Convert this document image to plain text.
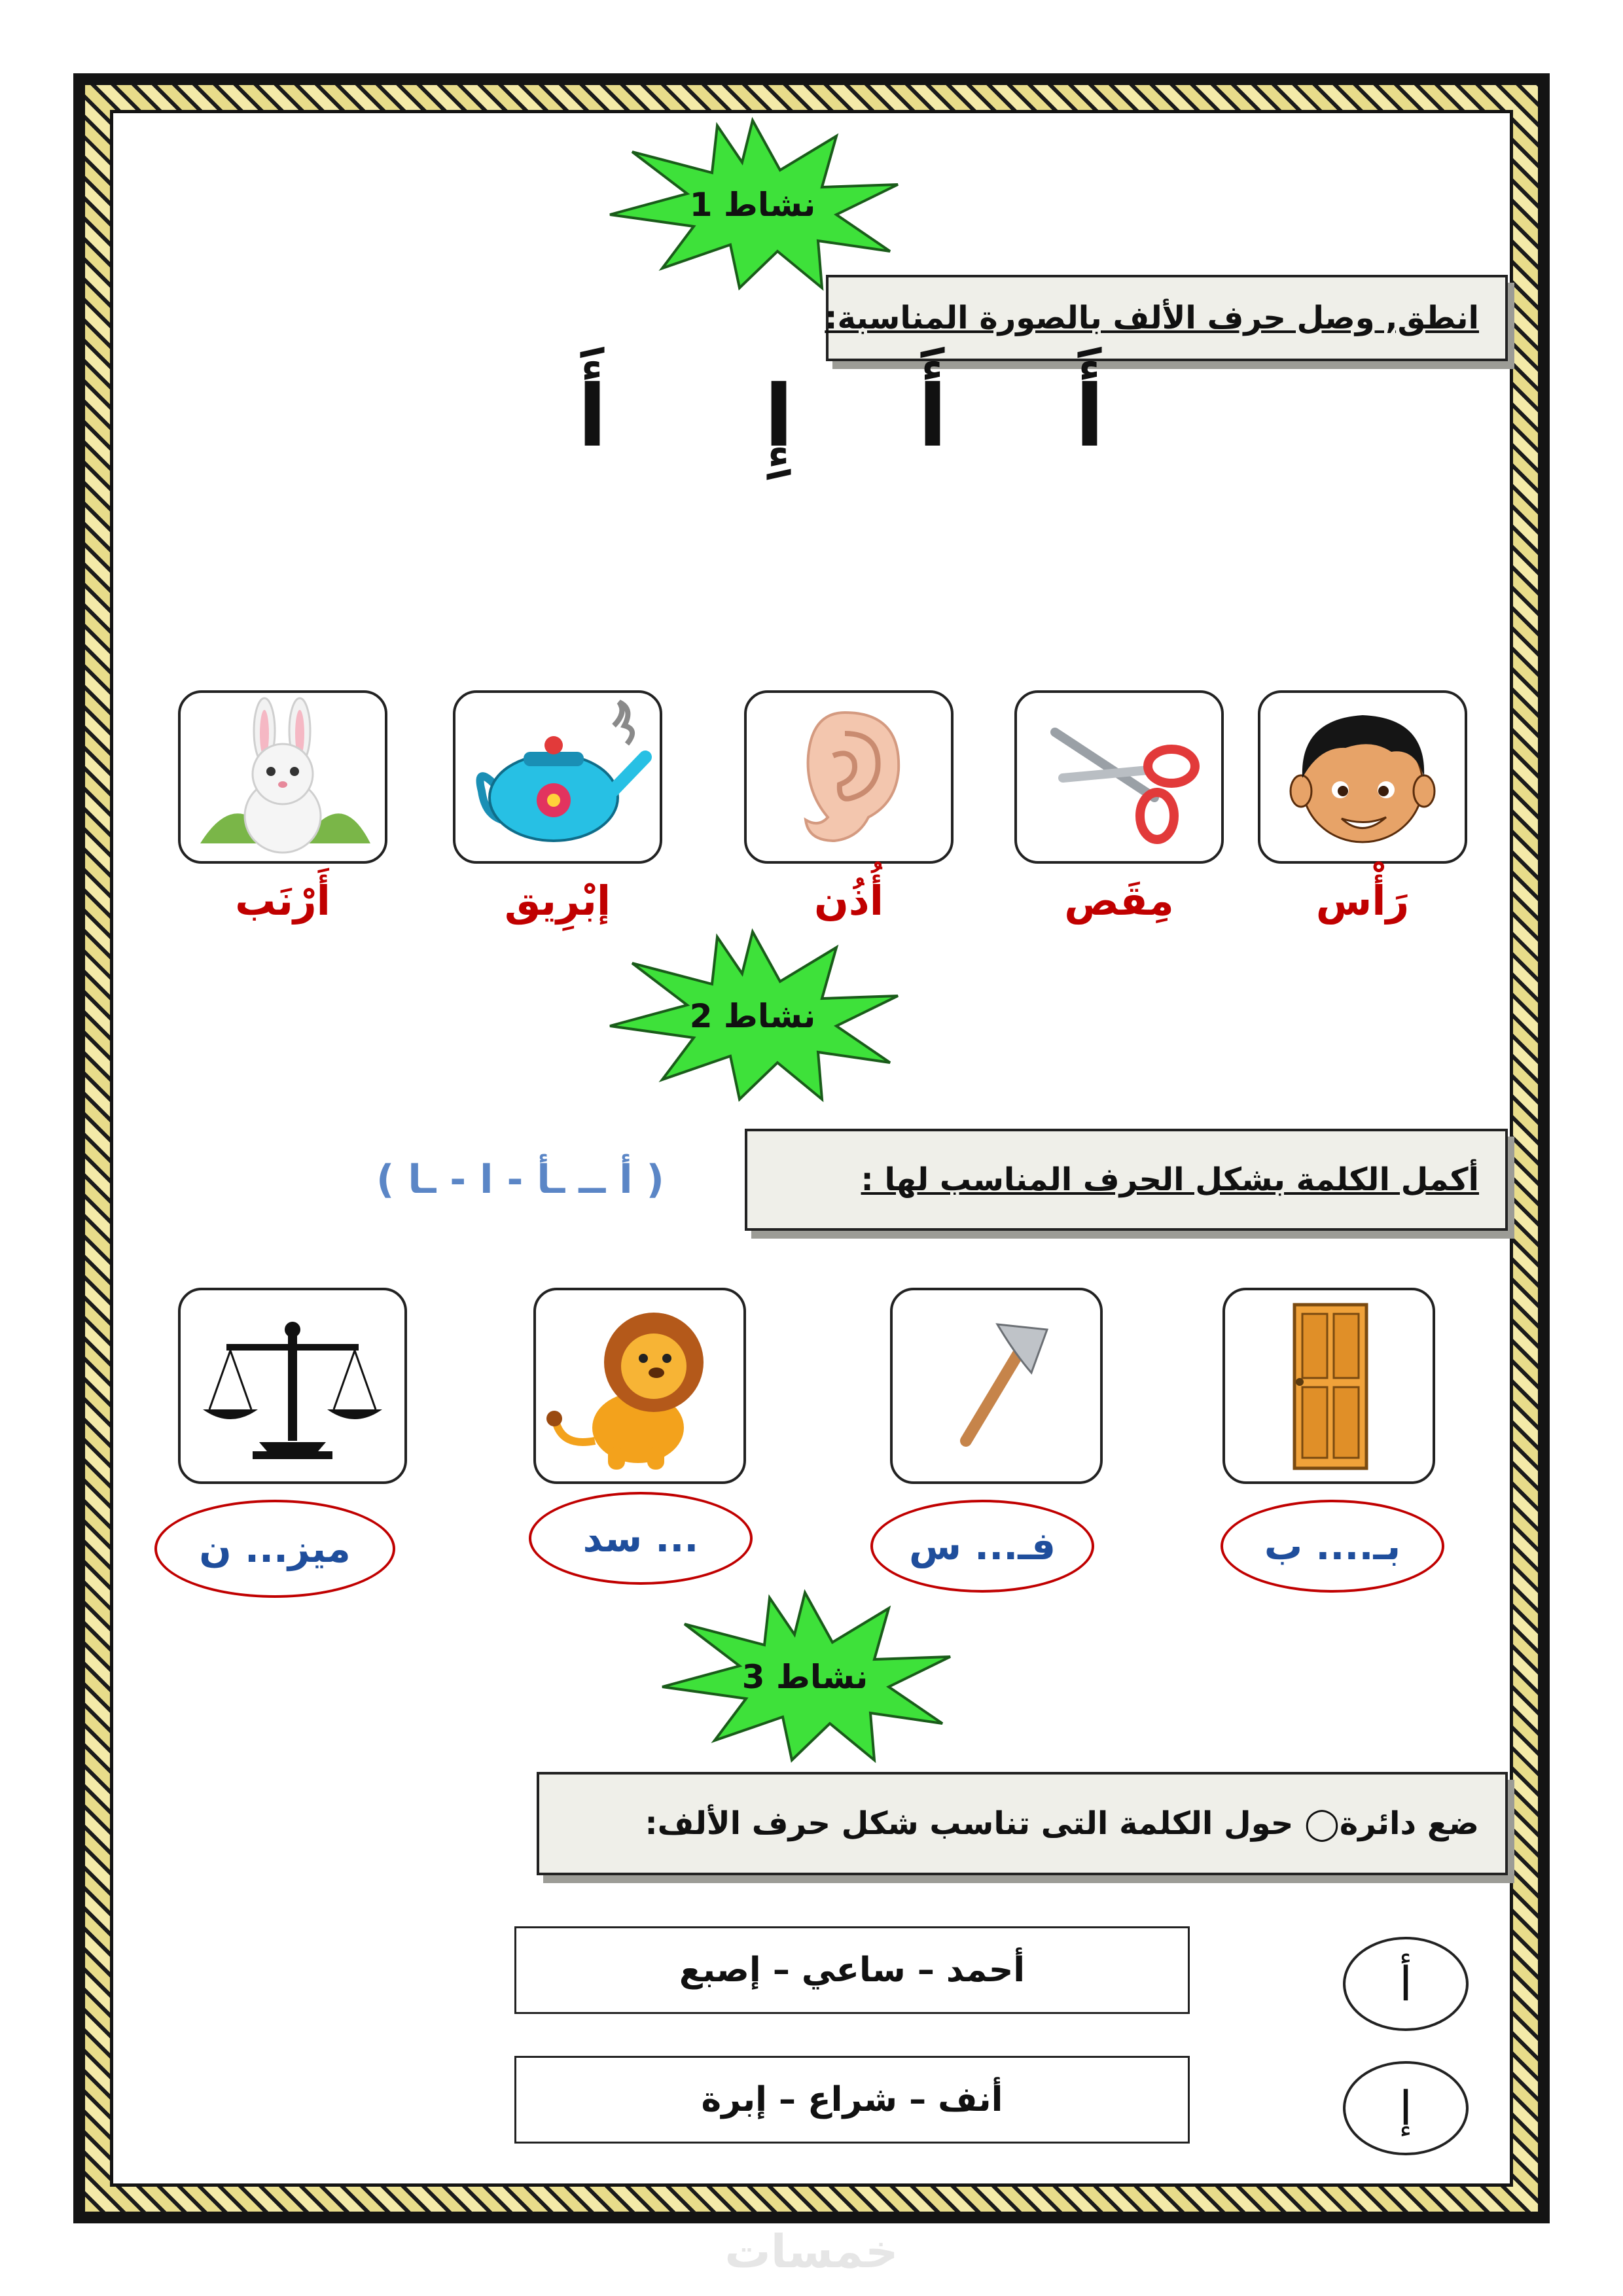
نشاط 1
انطق, وصل حرف الألف بالصورة المناسبة:
أَ
أَ
إِ
أَ
رَأْس
مِقَص
أُذُن
إبْرِيق
أَرْنَب
نشاط 2
أكمل الكلمة بشكل الحرف المناسب لها :
( أ ــ ـأ - ا - ـا )
بـ.... ب
فـ... س
... سد
ميز... ن
نشاط 3
ضع دائرة◯ حول الكلمة التى تناسب شكل حرف الألف:
أحمد – ساعي – إصبع	أ
أنف – شراع – إبرة	إ
خمسات
